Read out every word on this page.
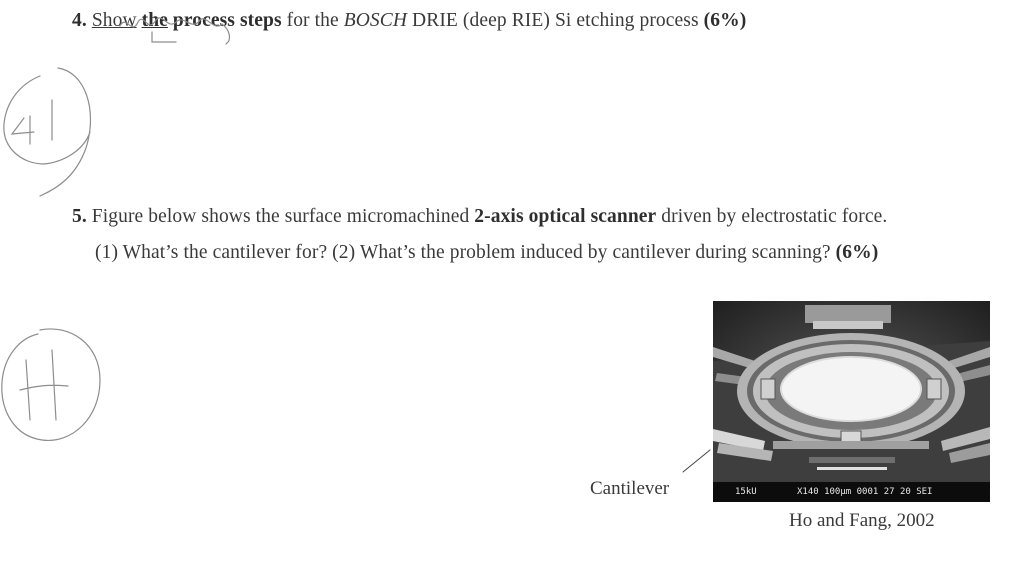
4. Show the process steps for the BOSCH DRIE (deep RIE) Si etching process (6%)
5. Figure below shows the surface micromachined 2-axis optical scanner driven by electrostatic force.
(1) What’s the cantilever for? (2) What’s the problem induced by cantilever during scanning? (6%)
15kU	X140 100µm 0001 27 20 SEI
Cantilever
Ho and Fang, 2002
